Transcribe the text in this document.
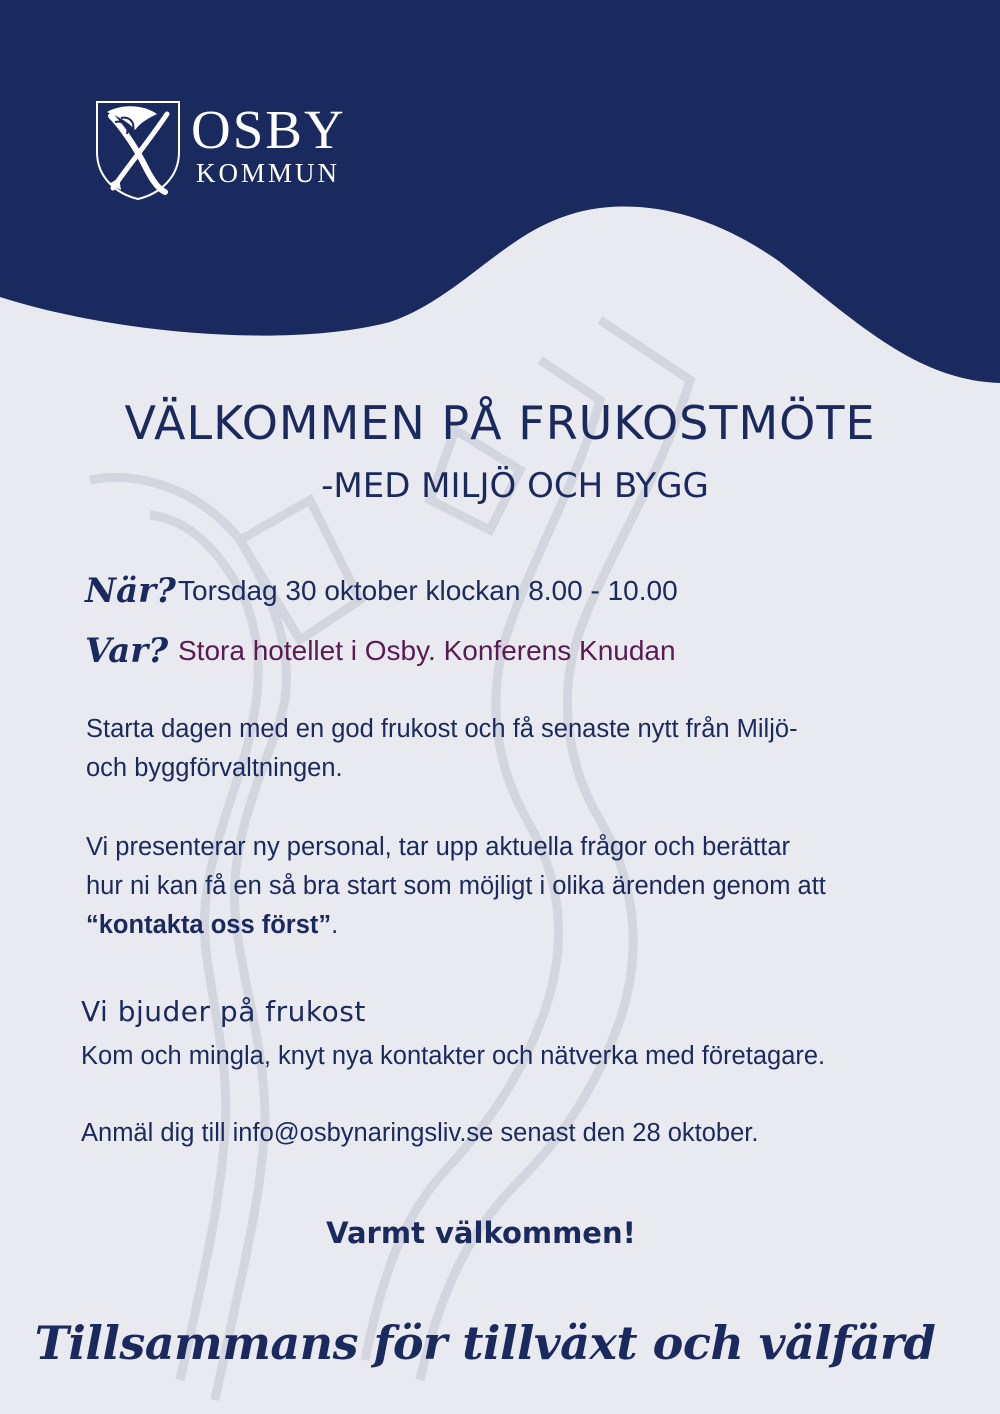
OSBY
KOMMUN
VÄLKOMMEN PÅ FRUKOSTMÖTE
-MED MILJÖ OCH BYGG
När? Torsdag 30 oktober klockan 8.00 - 10.00
Var? Stora hotellet i Osby. Konferens Knudan

Starta dagen med en god frukost och få senaste nytt från Miljö-
och byggförvaltningen.

Vi presenterar ny personal, tar upp aktuella frågor och berättar
hur ni kan få en så bra start som möjligt i olika ärenden genom att
“kontakta oss först”.

Vi bjuder på frukost

Kom och mingla, knyt nya kontakter och nätverka med företagare.

Anmäl dig till info@osbynaringsliv.se senast den 28 oktober.

Varmt välkommen!

Tillsammans för tillväxt och välfärd
